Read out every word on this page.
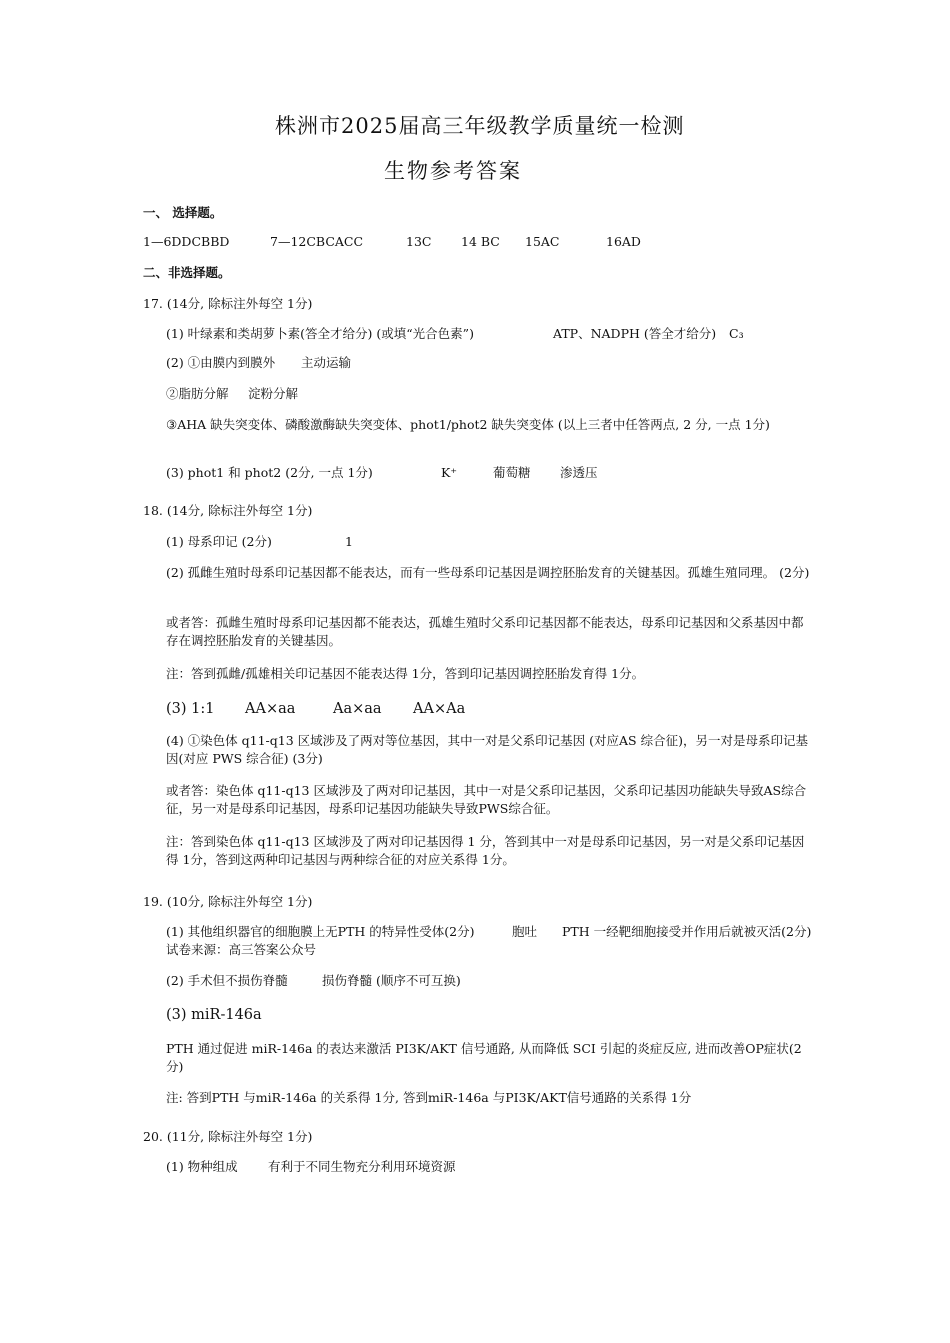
株洲市2025届高三年级教学质量统一检测
生物参考答案
一、 选择题。
1—6DDCBBD	7—12CBCACC	13C 14 BC 15AC	16AD
二、非选择题。
17. (14分, 除标注外每空 1分)
(1) 叶绿素和类胡萝卜素(答全才给分) (或填“光合色素”)	ATP、NADPH (答全才给分) C₃
(2) ①由膜内到膜外 主动运输
②脂肪分解 淀粉分解
③AHA 缺失突变体、磷酸激酶缺失突变体、phot1/phot2 缺失突变体 (以上三者中任答两点, 2 分, 一点 1分)
(3) phot1 和 phot2 (2分, 一点 1分)	K⁺	葡萄糖 渗透压
18. (14分, 除标注外每空 1分)
(1) 母系印记 (2分)	1
(2) 孤雌生殖时母系印记基因都不能表达，而有一些母系印记基因是调控胚胎发育的关键基因。孤雄生殖同理。 (2分)
或者答：孤雌生殖时母系印记基因都不能表达，孤雄生殖时父系印记基因都不能表达，母系印记基因和父系基因中都存在调控胚胎发育的关键基因。
注：答到孤雌/孤雄相关印记基因不能表达得 1分，答到印记基因调控胚胎发育得 1分。
(3) 1:1 AA×aa	Aa×aa AA×Aa
(4) ①染色体 q11-q13 区域涉及了两对等位基因，其中一对是父系印记基因 (对应AS 综合征)，另一对是母系印记基因(对应 PWS 综合征) (3分)
或者答：染色体 q11-q13 区域涉及了两对印记基因，其中一对是父系印记基因，父系印记基因功能缺失导致AS综合征，另一对是母系印记基因，母系印记基因功能缺失导致PWS综合征。
注：答到染色体 q11-q13 区域涉及了两对印记基因得 1 分，答到其中一对是母系印记基因，另一对是父系印记基因得 1分，答到这两种印记基因与两种综合征的对应关系得 1分。
19. (10分, 除标注外每空 1分)
(1) 其他组织器官的细胞膜上无PTH 的特异性受体(2分)　　　胞吐　　PTH 一经靶细胞接受并作用后就被灭活(2分)试卷来源：高三答案公众号
(2) 手术但不损伤脊髓	损伤脊髓 (顺序不可互换)
(3) miR-146a
PTH 通过促进 miR-146a 的表达来激活 PI3K/AKT 信号通路, 从而降低 SCI 引起的炎症反应, 进而改善OP症状(2分)
注: 答到PTH 与miR-146a 的关系得 1分, 答到miR-146a 与PI3K/AKT信号通路的关系得 1分
20. (11分, 除标注外每空 1分)
(1) 物种组成 有利于不同生物充分利用环境资源
